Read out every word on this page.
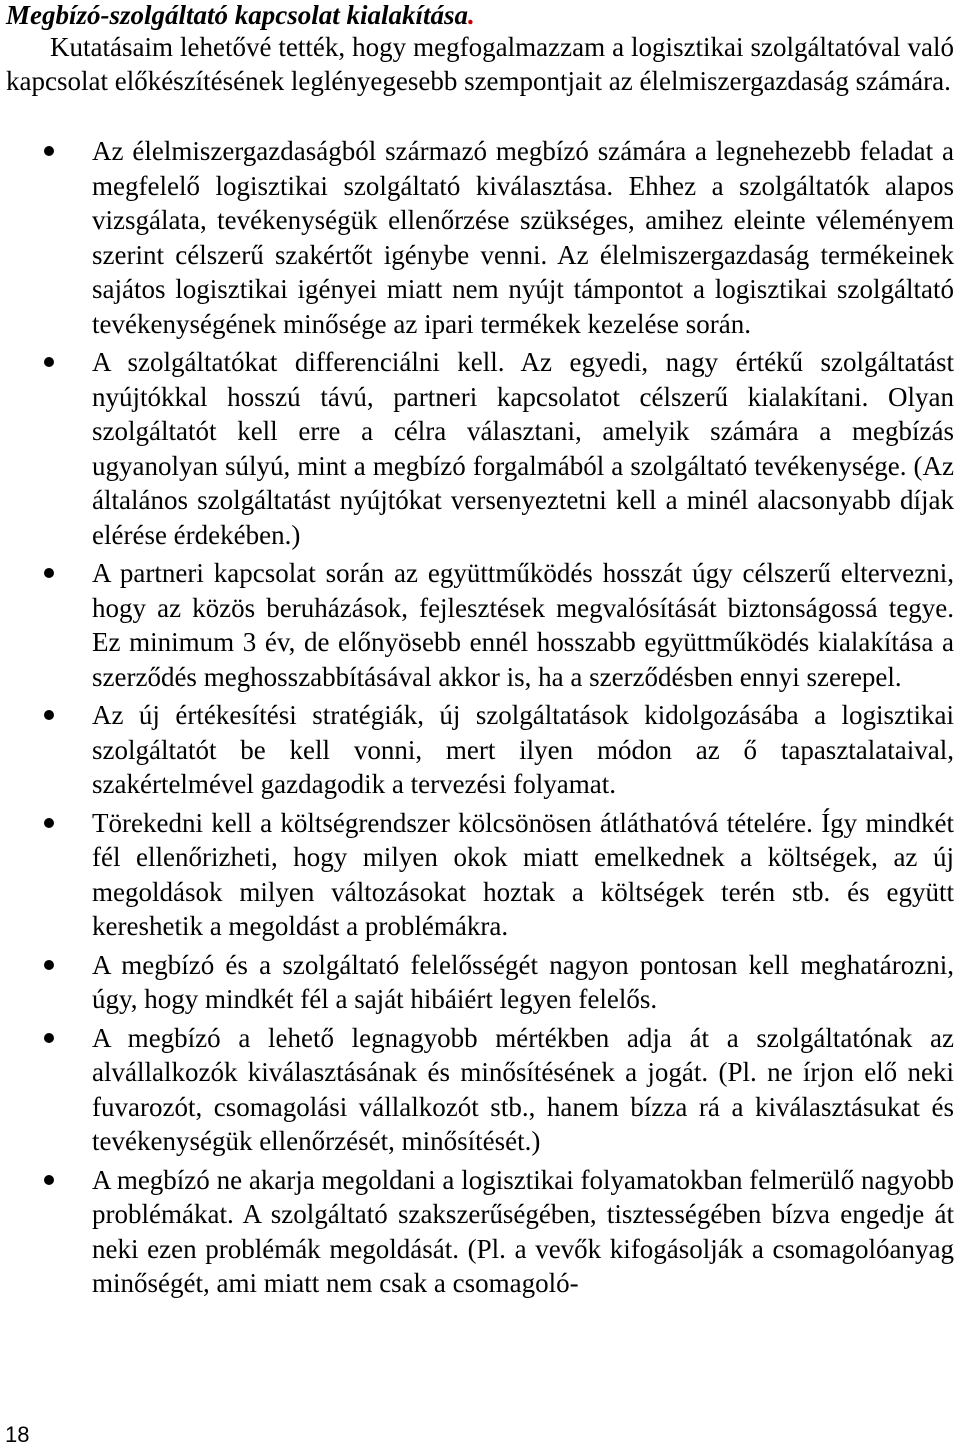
Megbízó-szolgáltató kapcsolat kialakítása.

Kutatásaim lehetővé tették, hogy megfogalmazzam a logisztikai szolgáltatóval való kapcsolat előkészítésének leglényegesebb szempontjait az élelmiszergazdaság számára.

Az élelmiszergazdaságból származó megbízó számára a legnehezebb feladat a megfelelő logisztikai szolgáltató kiválasztása. Ehhez a szolgáltatók alapos vizsgálata, tevékenységük ellenőrzése szükséges, amihez eleinte véleményem szerint célszerű szakértőt igénybe venni. Az élelmiszergazdaság termékeinek sajátos logisztikai igényei miatt nem nyújt támpontot a logisztikai szolgáltató tevékenységének minősége az ipari termékek kezelése során.
A szolgáltatókat differenciálni kell. Az egyedi, nagy értékű szolgáltatást nyújtókkal hosszú távú, partneri kapcsolatot célszerű kialakítani. Olyan szolgáltatót kell erre a célra választani, amelyik számára a megbízás ugyanolyan súlyú, mint a megbízó forgalmából a szolgáltató tevékenysége. (Az általános szolgáltatást nyújtókat versenyeztetni kell a minél alacsonyabb díjak elérése érdekében.)
A partneri kapcsolat során az együttműködés hosszát úgy célszerű eltervezni, hogy az közös beruházások, fejlesztések megvalósítását biztonságossá tegye. Ez minimum 3 év, de előnyösebb ennél hosszabb együttműködés kialakítása a szerződés meghosszabbításával akkor is, ha a szerződésben ennyi szerepel.
Az új értékesítési stratégiák, új szolgáltatások kidolgozásába a logisztikai szolgáltatót be kell vonni, mert ilyen módon az ő tapasztalataival, szakértelmével gazdagodik a tervezési folyamat.
Törekedni kell a költségrendszer kölcsönösen átláthatóvá tételére. Így mindkét fél ellenőrizheti, hogy milyen okok miatt emelkednek a költségek, az új megoldások milyen változásokat hoztak a költségek terén stb. és együtt kereshetik a megoldást a problémákra.
A megbízó és a szolgáltató felelősségét nagyon pontosan kell meghatározni, úgy, hogy mindkét fél a saját hibáiért legyen felelős.
A megbízó a lehető legnagyobb mértékben adja át a szolgáltatónak az alvállalkozók kiválasztásának és minősítésének a jogát. (Pl. ne írjon elő neki fuvarozót, csomagolási vállalkozót stb., hanem bízza rá a kiválasztásukat és tevékenységük ellenőrzését, minősítését.)
A megbízó ne akarja megoldani a logisztikai folyamatokban felmerülő nagyobb problémákat. A szolgáltató szakszerűségében, tisztességében bízva engedje át neki ezen problémák megoldását. (Pl. a vevők kifogásolják a csomagolóanyag minőségét, ami miatt nem csak a csomagoló-
18
